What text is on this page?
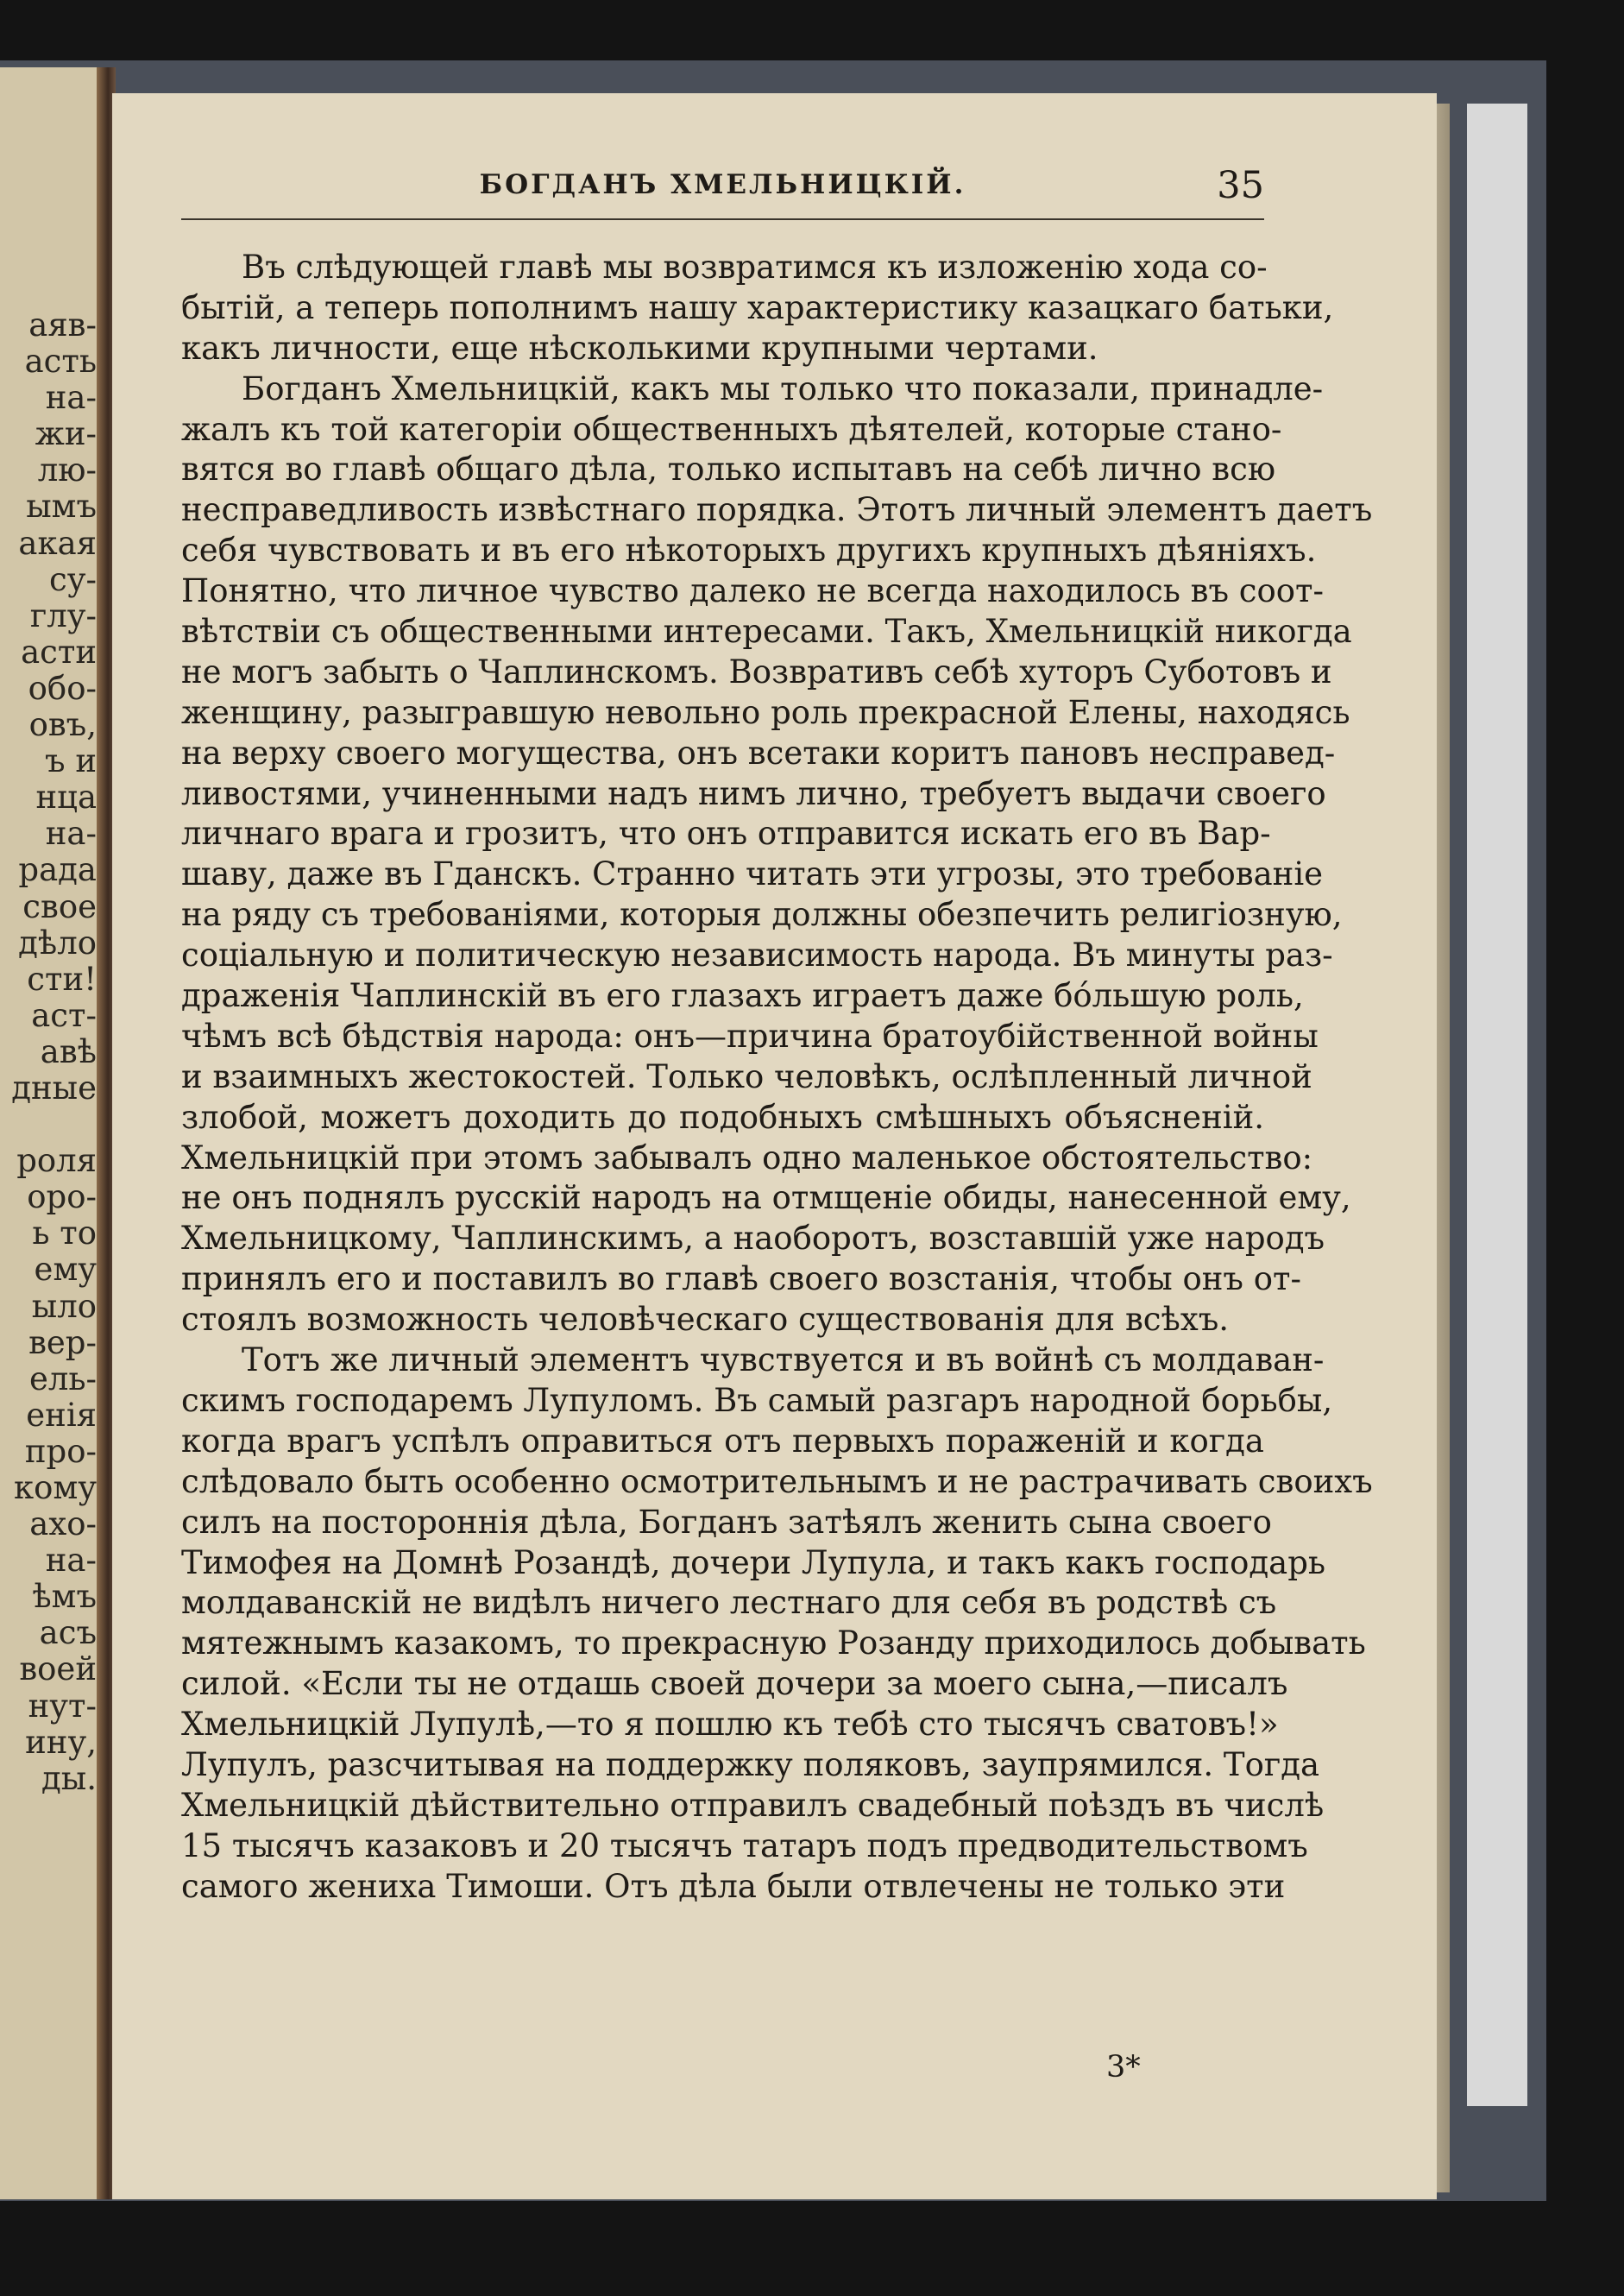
аяв-
асть
на-
жи-
лю-
ымъ
акая
су-
глу-
асти
обо-
овъ,
ъ и
нца
на-
рада
свое
дѣло
сти!
аст-
авѣ
дные
роля
оро-
ь то
ему
ыло
вер-
ель-
енія
про-
кому
ахо-
на-
ѣмъ
асъ
воей
нут-
ину,
ды.
БОГДАНЪ ХМЕЛЬНИЦКІЙ.	35
Въ слѣдующей главѣ мы возвратимся къ изложенію хода со-
бытій, а теперь пополнимъ нашу характеристику казацкаго батьки,
какъ личности, еще нѣсколькими крупными чертами.
Богданъ Хмельницкій, какъ мы только что показали, принадле-
жалъ къ той категоріи общественныхъ дѣятелей, которые стано-
вятся во главѣ общаго дѣла, только испытавъ на себѣ лично всю
несправедливость извѣстнаго порядка. Этотъ личный элементъ даетъ
себя чувствовать и въ его нѣкоторыхъ другихъ крупныхъ дѣяніяхъ.
Понятно, что личное чувство далеко не всегда находилось въ соот-
вѣтствіи съ общественными интересами. Такъ, Хмельницкій никогда
не могъ забыть о Чаплинскомъ. Возвративъ себѣ хуторъ Суботовъ и
женщину, разыгравшую невольно роль прекрасной Елены, находясь
на верху своего могущества, онъ всетаки коритъ пановъ несправед-
ливостями, учиненными надъ нимъ лично, требуетъ выдачи своего
личнаго врага и грозитъ, что онъ отправится искать его въ Вар-
шаву, даже въ Гданскъ. Странно читать эти угрозы, это требованіе
на ряду съ требованіями, которыя должны обезпечить религіозную,
соціальную и политическую независимость народа. Въ минуты раз-
драженія Чаплинскій въ его глазахъ играетъ даже бо́льшую роль,
чѣмъ всѣ бѣдствія народа: онъ—причина братоубійственной войны
и взаимныхъ жестокостей. Только человѣкъ, ослѣпленный личной
злобой, можетъ доходить до подобныхъ смѣшныхъ объясненій.
Хмельницкій при этомъ забывалъ одно маленькое обстоятельство:
не онъ поднялъ русскій народъ на отмщеніе обиды, нанесенной ему,
Хмельницкому, Чаплинскимъ, а наоборотъ, возставшій уже народъ
принялъ его и поставилъ во главѣ своего возстанія, чтобы онъ от-
стоялъ возможность человѣческаго существованія для всѣхъ.
Тотъ же личный элементъ чувствуется и въ войнѣ съ молдаван-
скимъ господаремъ Лупуломъ. Въ самый разгаръ народной борьбы,
когда врагъ успѣлъ оправиться отъ первыхъ пораженій и когда
слѣдовало быть особенно осмотрительнымъ и не растрачивать своихъ
силъ на постороннія дѣла, Богданъ затѣялъ женить сына своего
Тимофея на Домнѣ Розандѣ, дочери Лупула, и такъ какъ господарь
молдаванскій не видѣлъ ничего лестнаго для себя въ родствѣ съ
мятежнымъ казакомъ, то прекрасную Розанду приходилось добывать
силой. «Если ты не отдашь своей дочери за моего сына,—писалъ
Хмельницкій Лупулѣ,—то я пошлю къ тебѣ сто тысячъ сватовъ!»
Лупулъ, разсчитывая на поддержку поляковъ, заупрямился. Тогда
Хмельницкій дѣйствительно отправилъ свадебный поѣздъ въ числѣ
15 тысячъ казаковъ и 20 тысячъ татаръ подъ предводительствомъ
самого жениха Тимоши. Отъ дѣла были отвлечены не только эти
3*
